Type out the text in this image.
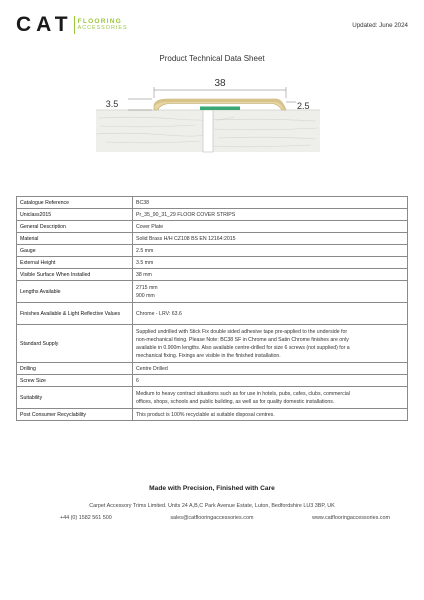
CAT FLOORING
ACCESSORIES	Updated: June 2024
Product Technical Data Sheet
38
3.5	2.5
Catalogue Reference	BC38

Uniclass2015	Pr_35_90_31_29 FLOOR COVER STRIPS

General Description	Cover Plate

Material	Solid Brass H/H CZ108 BS EN 12164:2015

Gauge	2.5 mm

External Height	3.5 mm

Visible Surface When Installed	38 mm

Lengths Available	2715 mm
900 mm

Finishes Available & Light Reflective Values	Chrome - LRV: 63.6

Standard Supply	Supplied undrilled with Stick Fix double sided adhesive tape pre-applied to the underside for
non-mechanical fixing. Please Note: BC38 SF in Chrome and Satin Chrome finishes are only
available in 0.900m lengths. Also available centre-drilled for size 6 screws (not supplied) for a
mechanical fixing. Fixings are visible in the finished installation.

Drilling	Centre Drilled

Screw Size	6

Suitability	Medium to heavy contract situations such as for use in hotels, pubs, cafes, clubs, commercial
offices, shops, schools and public building, as well as for quality domestic installations.

Post Consumer Recyclability	This product is 100% recyclable at suitable disposal centres.
Made with Precision, Finished with Care
Carpet Accessory Trims Limited. Units 24 A,B,C Park Avenue Estate, Luton, Bedfordshire LU3 3BP, UK
+44 (0) 1582 561 500	sales@catflooringaccessories.com	www.catflooringaccessories.com
